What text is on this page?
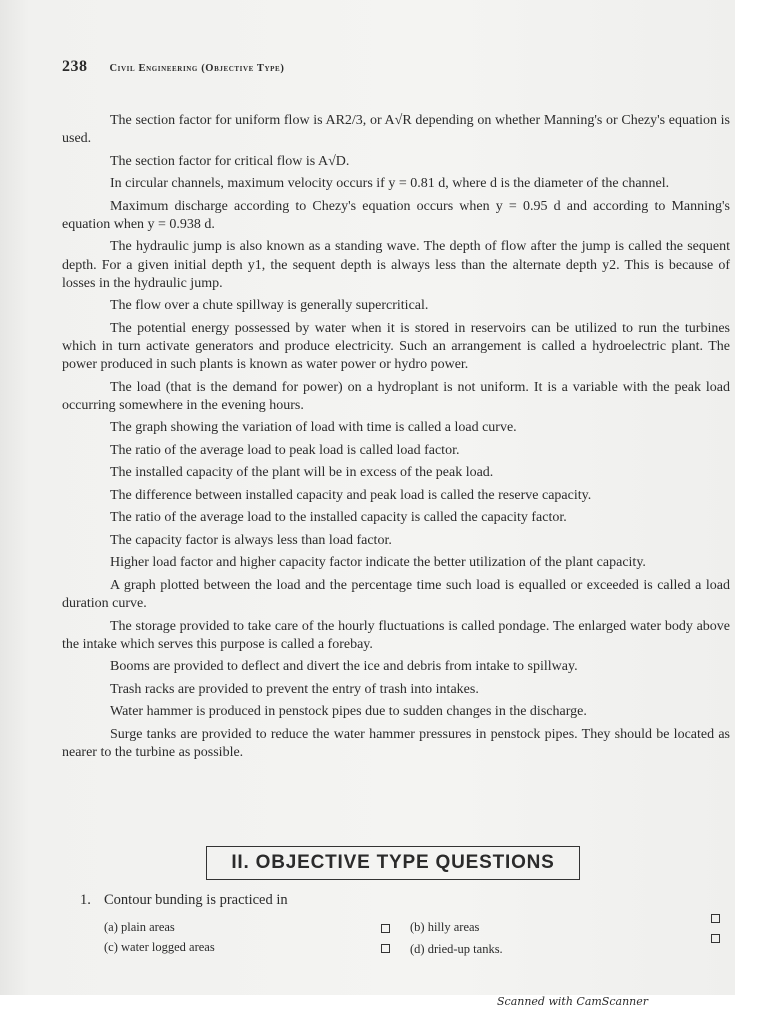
238 Civil Engineering (Objective Type)

The section factor for uniform flow is AR2/3, or A√R depending on whether Manning's or Chezy's equation is used.

The section factor for critical flow is A√D.

In circular channels, maximum velocity occurs if y = 0.81 d, where d is the diameter of the channel.

Maximum discharge according to Chezy's equation occurs when y = 0.95 d and according to Manning's equation when y = 0.938 d.

The hydraulic jump is also known as a standing wave. The depth of flow after the jump is called the sequent depth. For a given initial depth y1, the sequent depth is always less than the alternate depth y2. This is because of losses in the hydraulic jump.

The flow over a chute spillway is generally supercritical.

The potential energy possessed by water when it is stored in reservoirs can be utilized to run the turbines which in turn activate generators and produce electricity. Such an arrangement is called a hydroelectric plant. The power produced in such plants is known as water power or hydro power.

The load (that is the demand for power) on a hydroplant is not uniform. It is a variable with the peak load occurring somewhere in the evening hours.

The graph showing the variation of load with time is called a load curve.

The ratio of the average load to peak load is called load factor.

The installed capacity of the plant will be in excess of the peak load.

The difference between installed capacity and peak load is called the reserve capacity.

The ratio of the average load to the installed capacity is called the capacity factor.

The capacity factor is always less than load factor.

Higher load factor and higher capacity factor indicate the better utilization of the plant capacity.

A graph plotted between the load and the percentage time such load is equalled or exceeded is called a load duration curve.

The storage provided to take care of the hourly fluctuations is called pondage. The enlarged water body above the intake which serves this purpose is called a forebay.

Booms are provided to deflect and divert the ice and debris from intake to spillway.

Trash racks are provided to prevent the entry of trash into intakes.

Water hammer is produced in penstock pipes due to sudden changes in the discharge.

Surge tanks are provided to reduce the water hammer pressures in penstock pipes. They should be located as nearer to the turbine as possible.

II. OBJECTIVE TYPE QUESTIONS
1. Contour bunding is practiced in
(a) plain areas	(b) hilly areas
(c) water logged areas	(d) dried-up tanks.
Scanned with CamScanner
